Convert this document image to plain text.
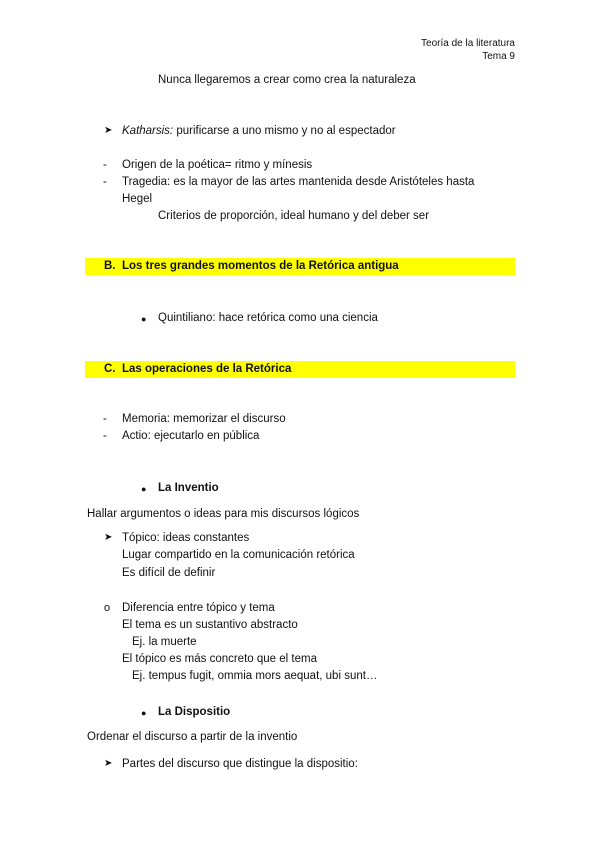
Teoría de la literatura
Tema 9
Nunca llegaremos a crear como crea la naturaleza
➤ Katharsis: purificarse a uno mismo y no al espectador
- Origen de la poética= ritmo y mínesis
- Tragedia: es la mayor de las artes mantenida desde Aristóteles hasta
Hegel
Criterios de proporción, ideal humano y del deber ser
B. Los tres grandes momentos de la Retórica antigua
● Quintiliano: hace retórica como una ciencia
C. Las operaciones de la Retórica
- Memoria: memorizar el discurso
- Actio: ejecutarlo en pública
● La Inventio
Hallar argumentos o ideas para mis discursos lógicos
➤ Tópico: ideas constantes
Lugar compartido en la comunicación retórica
Es difícil de definir
o Diferencia entre tópico y tema
El tema es un sustantivo abstracto
Ej. la muerte
El tópico es más concreto que el tema
Ej. tempus fugit, ommia mors aequat, ubi sunt…
● La Dispositio
Ordenar el discurso a partir de la inventio
➤ Partes del discurso que distingue la dispositio:
